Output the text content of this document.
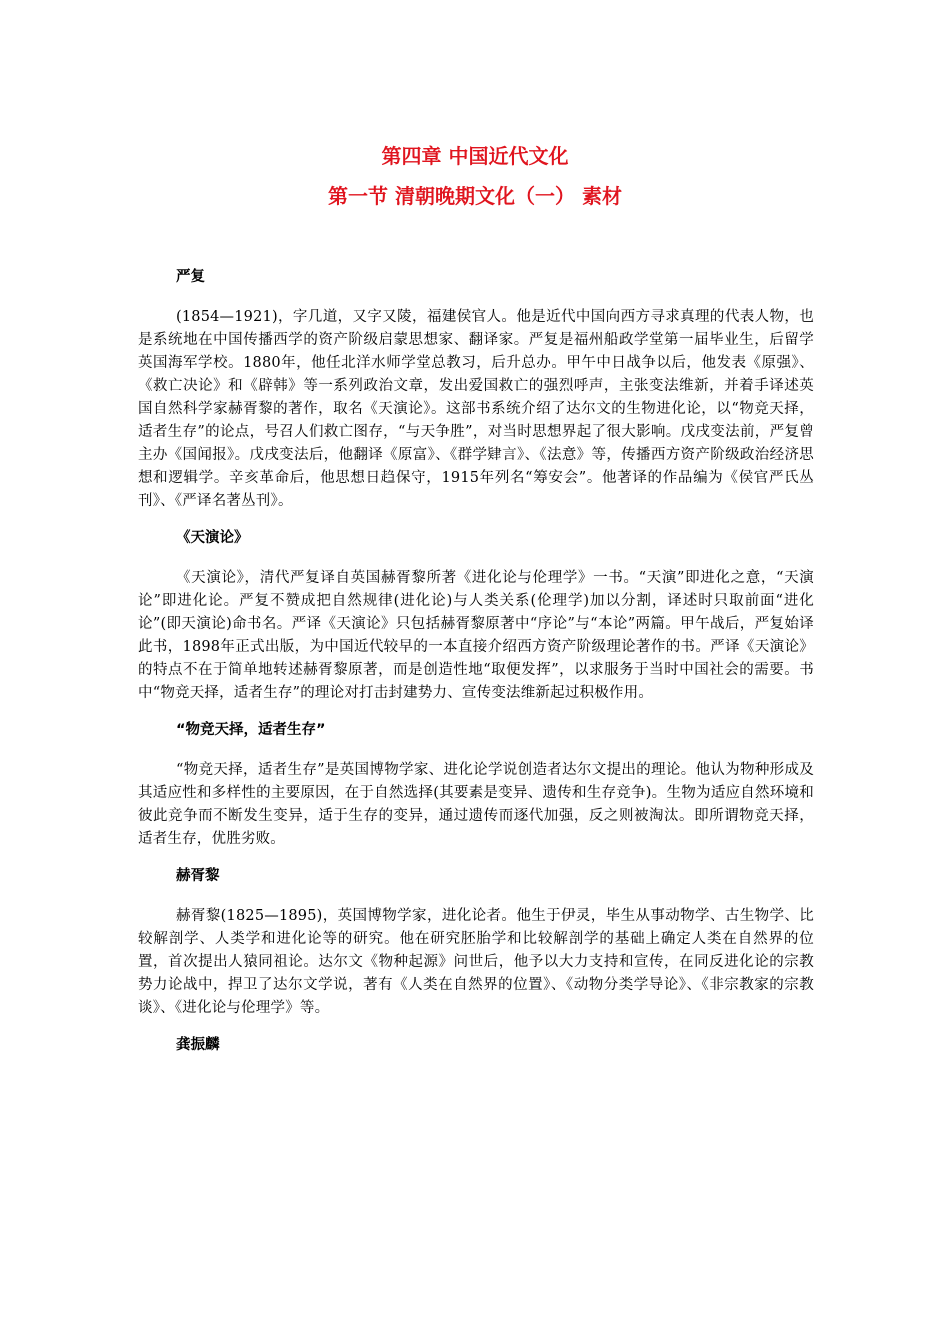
第四章 中国近代文化
第一节 清朝晚期文化（一） 素材

严复

(1854—1921)，字几道，又字又陵，福建侯官人。他是近代中国向西方寻求真理的代表人物，也是系统地在中国传播西学的资产阶级启蒙思想家、翻译家。严复是福州船政学堂第一届毕业生，后留学英国海军学校。1880年，他任北洋水师学堂总教习，后升总办。甲午中日战争以后，他发表《原强》、《救亡决论》和《辟韩》等一系列政治文章，发出爱国救亡的强烈呼声，主张变法维新，并着手译述英国自然科学家赫胥黎的著作，取名《天演论》。这部书系统介绍了达尔文的生物进化论，以“物竞天择，适者生存”的论点，号召人们救亡图存，“与天争胜”，对当时思想界起了很大影响。戊戌变法前，严复曾主办《国闻报》。戊戌变法后，他翻译《原富》、《群学肄言》、《法意》等，传播西方资产阶级政治经济思想和逻辑学。辛亥革命后，他思想日趋保守，1915年列名“筹安会”。他著译的作品编为《侯官严氏丛刊》、《严译名著丛刊》。

《天演论》

《天演论》，清代严复译自英国赫胥黎所著《进化论与伦理学》一书。“天演”即进化之意，“天演论”即进化论。严复不赞成把自然规律(进化论)与人类关系(伦理学)加以分割，译述时只取前面“进化论”(即天演论)命书名。严译《天演论》只包括赫胥黎原著中“序论”与“本论”两篇。甲午战后，严复始译此书，1898年正式出版，为中国近代较早的一本直接介绍西方资产阶级理论著作的书。严译《天演论》的特点不在于简单地转述赫胥黎原著，而是创造性地“取便发挥”，以求服务于当时中国社会的需要。书中“物竞天择，适者生存”的理论对打击封建势力、宣传变法维新起过积极作用。

“物竞天择，适者生存”

“物竞天择，适者生存”是英国博物学家、进化论学说创造者达尔文提出的理论。他认为物种形成及其适应性和多样性的主要原因，在于自然选择(其要素是变异、遗传和生存竞争)。生物为适应自然环境和彼此竞争而不断发生变异，适于生存的变异，通过遗传而逐代加强，反之则被淘汰。即所谓物竞天择，适者生存，优胜劣败。

赫胥黎

赫胥黎(1825—1895)，英国博物学家，进化论者。他生于伊灵，毕生从事动物学、古生物学、比较解剖学、人类学和进化论等的研究。他在研究胚胎学和比较解剖学的基础上确定人类在自然界的位置，首次提出人猿同祖论。达尔文《物种起源》问世后，他予以大力支持和宣传，在同反进化论的宗教势力论战中，捍卫了达尔文学说，著有《人类在自然界的位置》、《动物分类学导论》、《非宗教家的宗教谈》、《进化论与伦理学》等。

龚振麟
